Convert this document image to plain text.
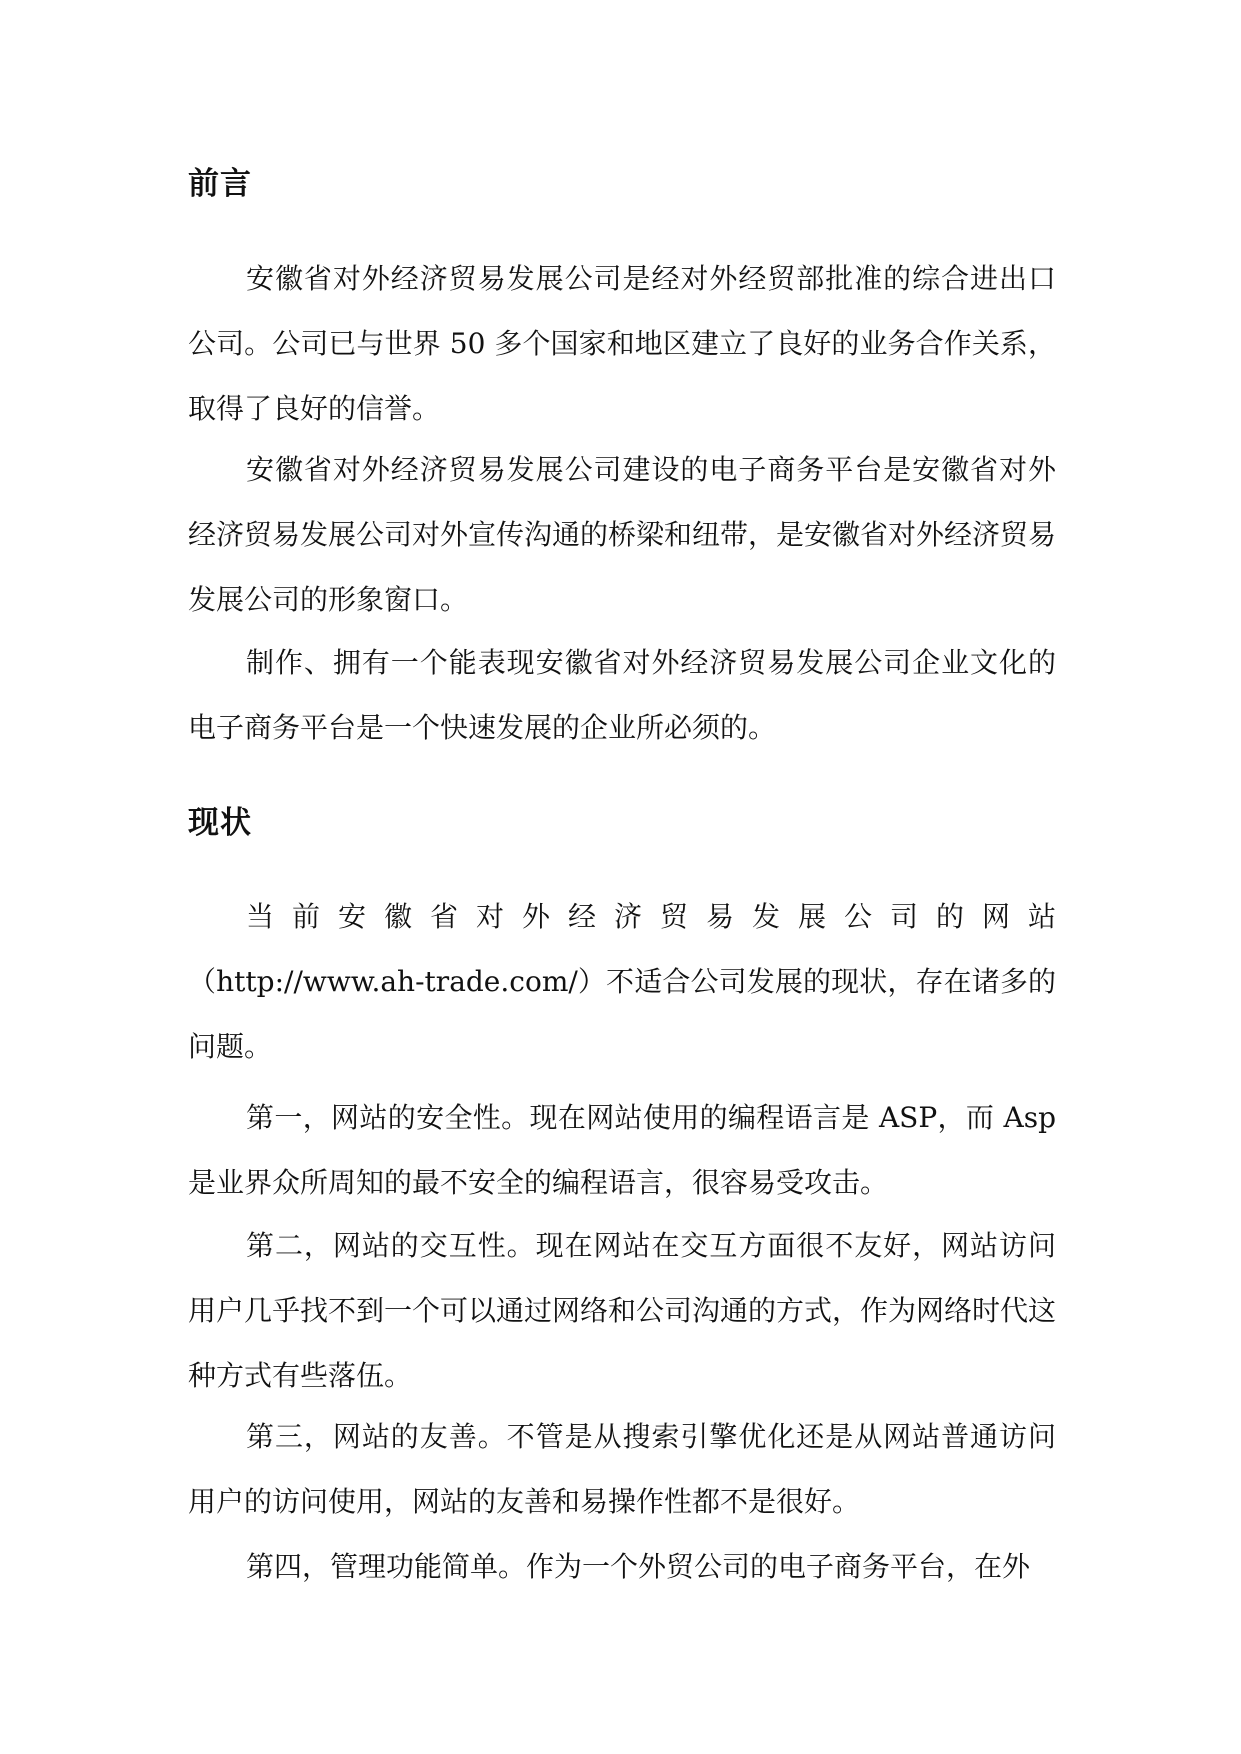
前言

安徽省对外经济贸易发展公司是经对外经贸部批准的综合进出口公司。公司已与世界 50 多个国家和地区建立了良好的业务合作关系，取得了良好的信誉。

安徽省对外经济贸易发展公司建设的电子商务平台是安徽省对外经济贸易发展公司对外宣传沟通的桥梁和纽带，是安徽省对外经济贸易发展公司的形象窗口。

制作、拥有一个能表现安徽省对外经济贸易发展公司企业文化的电子商务平台是一个快速发展的企业所必须的。

现状

当前安徽省对外经济贸易发展公司的网站
（http://www.ah-trade.com/）不适合公司发展的现状，存在诸多的问题。

第一，网站的安全性。现在网站使用的编程语言是 ASP，而 Asp 是业界众所周知的最不安全的编程语言，很容易受攻击。

第二，网站的交互性。现在网站在交互方面很不友好，网站访问用户几乎找不到一个可以通过网络和公司沟通的方式，作为网络时代这种方式有些落伍。

第三，网站的友善。不管是从搜索引擎优化还是从网站普通访问用户的访问使用，网站的友善和易操作性都不是很好。

第四，管理功能简单。作为一个外贸公司的电子商务平台，在外
